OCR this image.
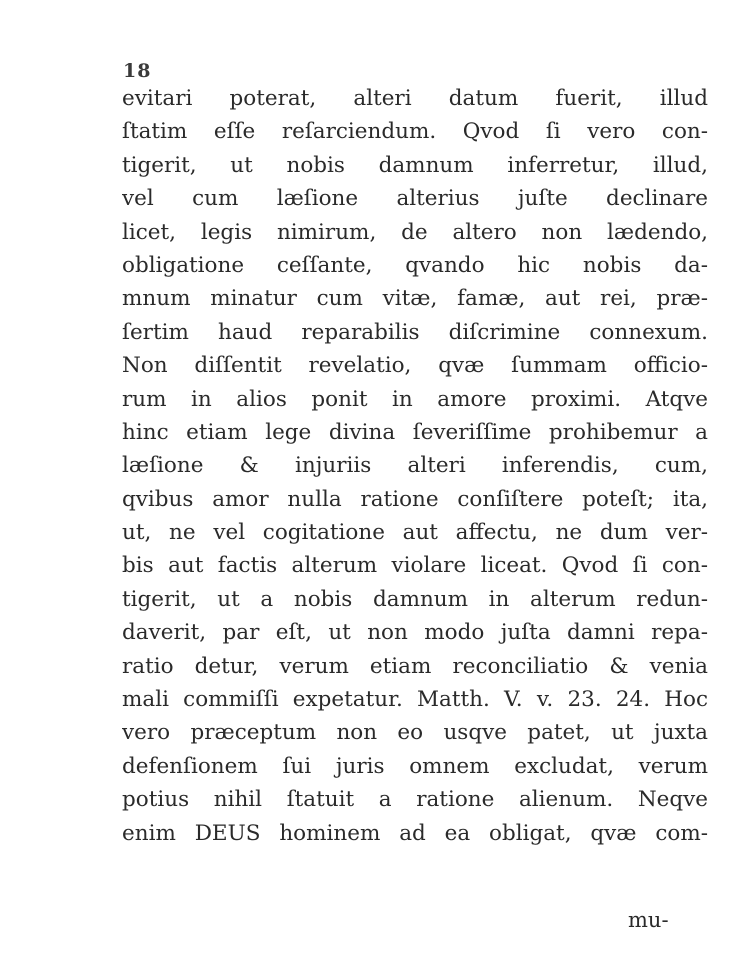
18
evitari poterat, alteri datum fuerit, illud
ſtatim eſſe reſarciendum. Qvod ſi vero con-
tigerit, ut nobis damnum inferretur, illud,
vel cum læſione alterius juſte declinare
licet, legis nimirum, de altero non lædendo,
obligatione ceſſante, qvando hic nobis da-
mnum minatur cum vitæ, famæ, aut rei, præ-
ſertim haud reparabilis diſcrimine connexum.
Non diſſentit revelatio, qvæ ſummam officio-
rum in alios ponit in amore proximi. Atqve
hinc etiam lege divina ſeveriſſime prohibemur a
læſione & injuriis alteri inferendis, cum,
qvibus amor nulla ratione conſiſtere poteſt; ita,
ut, ne vel cogitatione aut affectu, ne dum ver-
bis aut factis alterum violare liceat. Qvod ſi con-
tigerit, ut a nobis damnum in alterum redun-
daverit, par eſt, ut non modo juſta damni repa-
ratio detur, verum etiam reconciliatio & venia
mali commiſſi expetatur. Matth. V. v. 23. 24. Hoc
vero præceptum non eo usqve patet, ut juxta
defenſionem ſui juris omnem excludat, verum
potius nihil ſtatuit a ratione alienum. Neqve
enim DEUS hominem ad ea obligat, qvæ com-
mu-
